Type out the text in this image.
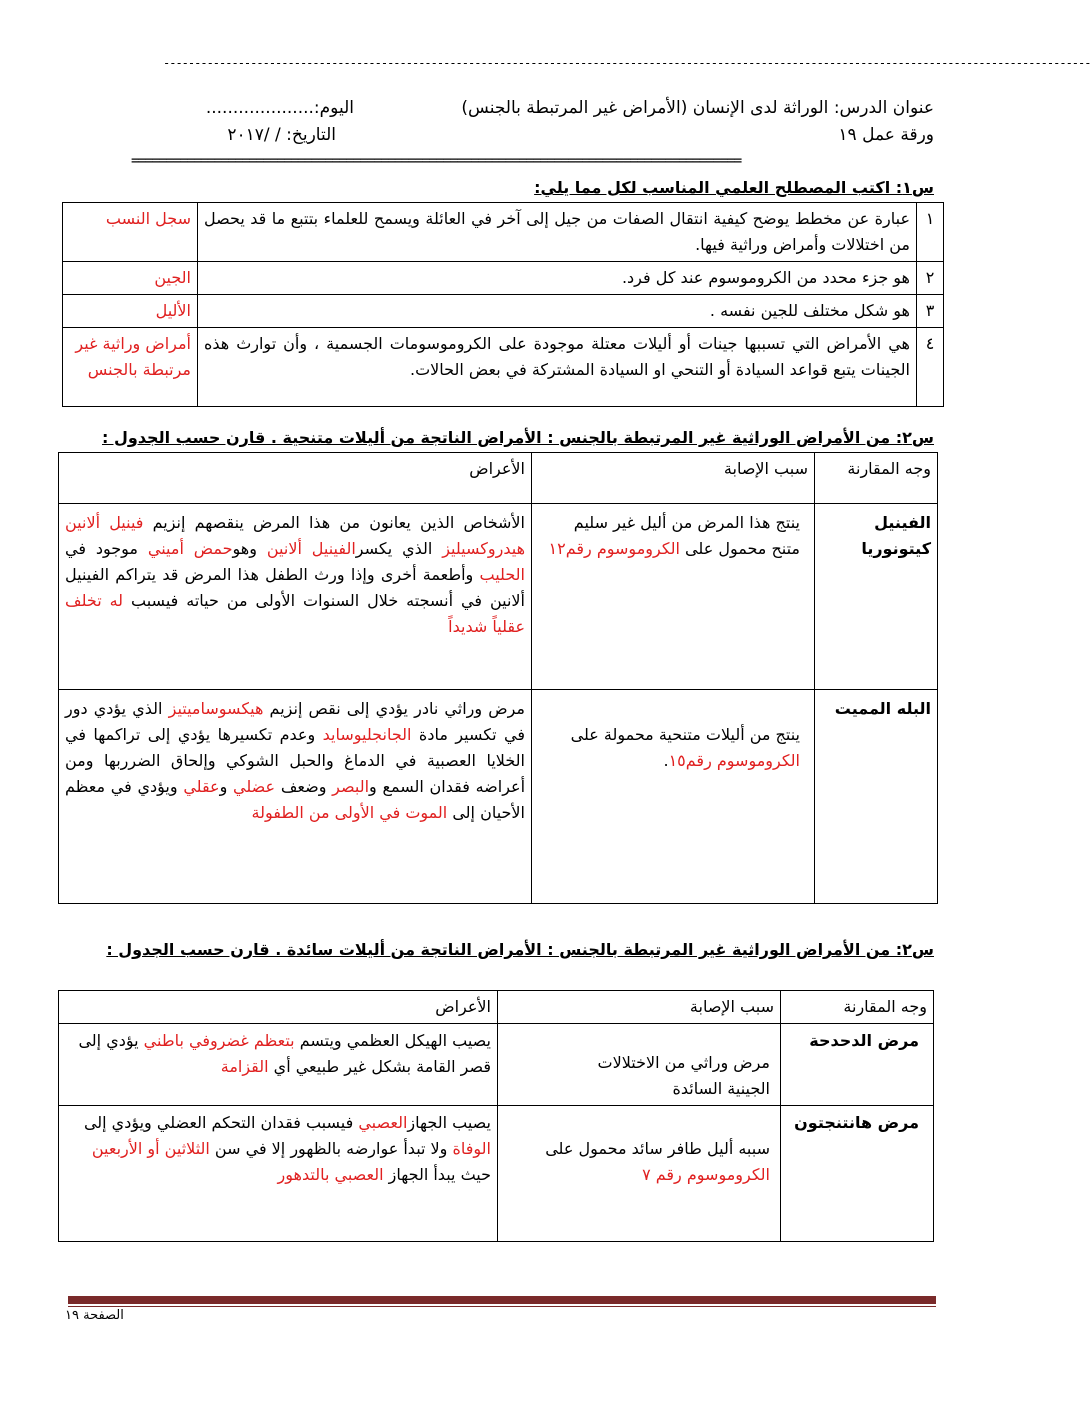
-----------------------------------------------------------------------------------------------------------------------------------------------------
عنوان الدرس: الوراثة لدى الإنسان (الأمراض غير المرتبطة بالجنس)
اليوم:....................
ورقة عمل ١٩
التاريخ: / /٢٠١٧
========================================================================================
س١: اكتب المصطلح العلمي المناسب لكل مما يلي:
١	عبارة عن مخطط يوضح كيفية انتقال الصفات من جيل إلى آخر في العائلة ويسمح للعلماء بتتبع ما قد يحصل من اختلالات وأمراض وراثية فيها.	سجل النسب
٢	هو جزء محدد من الكروموسوم عند كل فرد.	الجين
٣	هو شكل مختلف للجين نفسه .	الأليل
٤	هي الأمراض التي تسببها جينات أو أليلات معتلة موجودة على الكروموسومات الجسمية ، وأن توارث هذه الجينات يتبع قواعد السيادة أو التنحي او السيادة المشتركة في بعض الحالات.	أمراض وراثية غير مرتبطة بالجنس
س٢: من الأمراض الوراثية غير المرتبطة بالجنس : الأمراض الناتجة من أليلات متنحية . قارن حسب الجدول :
وجه المقارنة	سبب الإصابة	الأعراض
الفينيل كيتونوريا	ينتج هذا المرض من أليل غير سليم متنح محمول على الكروموسوم رقم١٢	الأشخاص الذين يعانون من هذا المرض ينقصهم إنزيم فينيل ألانين هيدروكسيليز الذي يكسرالفينيل ألانين وهوحمض أميني موجود في الحليب وأطعمة أخرى وإذا ورث الطفل هذا المرض قد يتراكم الفينيل ألانين في أنسجته خلال السنوات الأولى من حياته فيسبب له تخلف عقلياً شديداً
البله المميت	ينتج من أليلات متنحية محمولة على الكروموسوم رقم١٥.	مرض وراثي نادر يؤدي إلى نقص إنزيم هيكسوساميتيز الذي يؤدي دور في تكسير مادة الجانجليوسايد وعدم تكسيرها يؤدي إلى تراكمها في الخلايا العصبية في الدماغ والحبل الشوكي وإلحاق الضرربها ومن أعراضه فقدان السمع والبصر وضعف عضلي وعقلي ويؤدي في معظم الأحيان إلى الموت في الأولى من الطفولة
س٢: من الأمراض الوراثية غير المرتبطة بالجنس : الأمراض الناتجة من أليلات سائدة . قارن حسب الجدول :
وجه المقارنة	سبب الإصابة	الأعراض
مرض الدحدحة	مرض وراثي من الاختلالات الجينية السائدة	يصيب الهيكل العظمي ويتسم بتعظم غضروفي باطني يؤدي إلى قصر القامة بشكل غير طبيعي أي القزامة
مرض هانتنجتون	سببه أليل طافر سائد محمول على الكروموسوم رقم ٧	يصيب الجهازالعصبي فيسبب فقدان التحكم العضلي ويؤدي إلى الوفاة ولا تبدأ عوارضه بالظهور إلا في سن الثلاثين أو الأربعين حيث يبدأ الجهاز العصبي بالتدهور
الصفحة ١٩
